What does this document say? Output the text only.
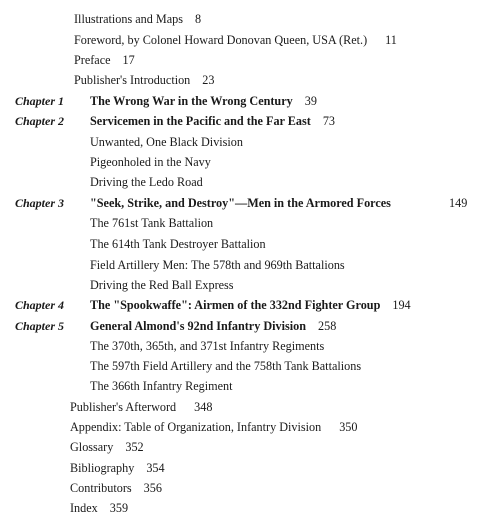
Illustrations and Maps 8
Foreword, by Colonel Howard Donovan Queen, USA (Ret.) 11
Preface 17
Publisher's Introduction 23
Chapter 1	The Wrong War in the Wrong Century 39
Chapter 2	Servicemen in the Pacific and the Far East 73
Unwanted, One Black Division
Pigeonholed in the Navy
Driving the Ledo Road
Chapter 3	"Seek, Strike, and Destroy"—Men in the Armored Forces	149
The 761st Tank Battalion
The 614th Tank Destroyer Battalion
Field Artillery Men: The 578th and 969th Battalions
Driving the Red Ball Express
Chapter 4	The "Spookwaffe": Airmen of the 332nd Fighter Group 194
Chapter 5	General Almond's 92nd Infantry Division 258
The 370th, 365th, and 371st Infantry Regiments
The 597th Field Artillery and the 758th Tank Battalions
The 366th Infantry Regiment
Publisher's Afterword 348
Appendix: Table of Organization, Infantry Division 350
Glossary 352
Bibliography 354
Contributors 356
Index 359
